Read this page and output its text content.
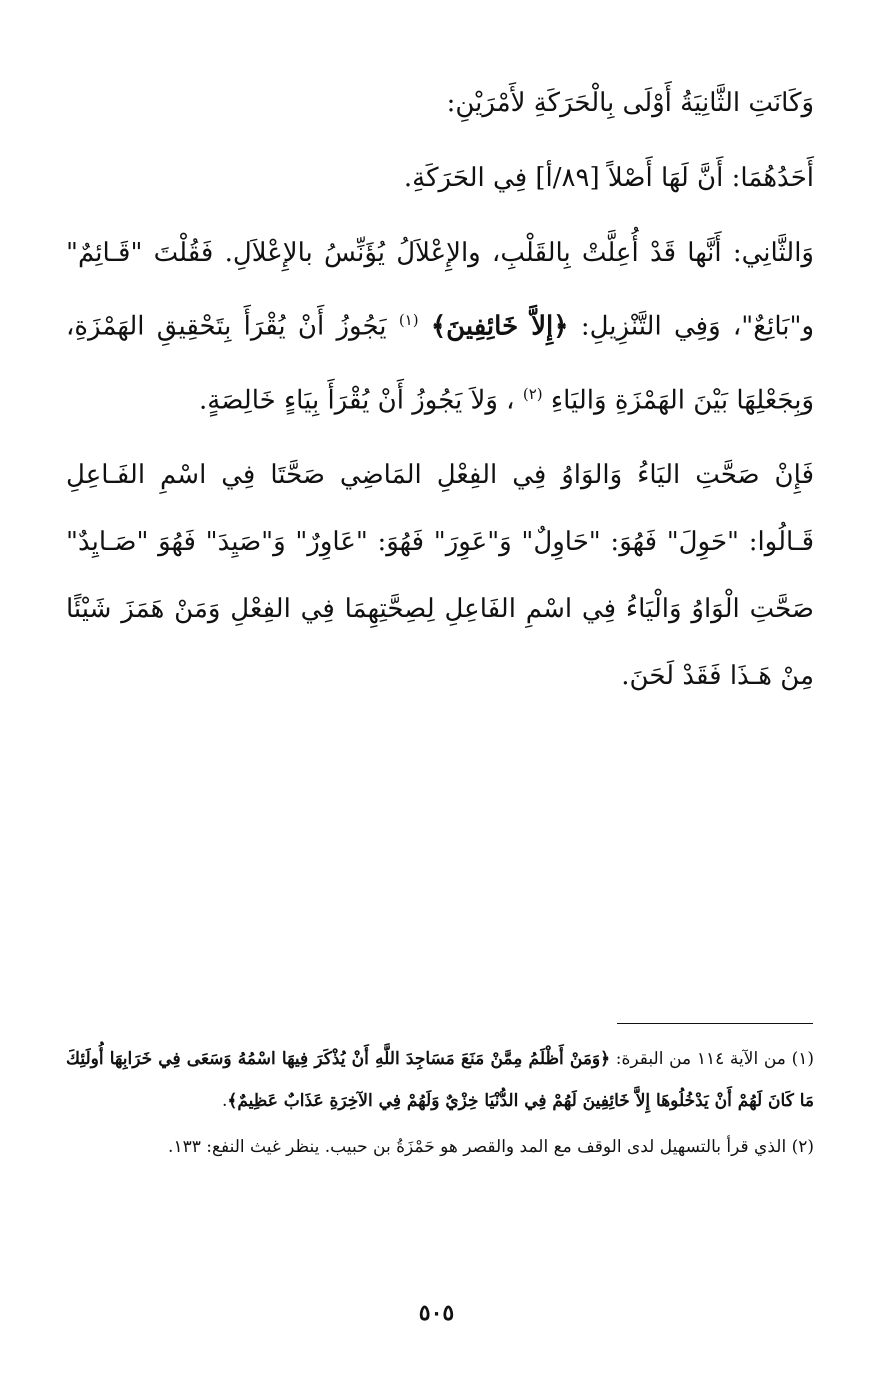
وَكَانَتِ الثَّانِيَةُ أَوْلَى بِالْحَرَكَةِ لأَمْرَيْنِ:

أَحَدُهُمَا: أَنَّ لَهَا أَصْلاً [٨٩/أ] فِي الحَرَكَةِ.

وَالثَّانِي: أَنَّها قَدْ أُعِلَّتْ بِالقَلْبِ، والإِعْلاَلُ يُؤَنِّسُ بالإِعْلاَلِ. فَقُلْتَ "قَـائِمٌ" و"بَائِعٌ"، وَفِي التَّنْزِيلِ: ﴿إِلاَّ خَائِفِينَ﴾ $^{(١)}$ يَجُوزُ أَنْ يُقْرَأَ بِتَحْقِيقِ الهَمْزَةِ، وَبِجَعْلِهَا بَيْنَ الهَمْزَةِ وَاليَاءِ $^{(٢)}$ ، وَلاَ يَجُوزُ أَنْ يُقْرَأَ بِيَاءٍ خَالِصَةٍ.

فَإِنْ صَحَّتِ اليَاءُ وَالوَاوُ فِي الفِعْلِ المَاضِي صَحَّتَا فِي اسْمِ الفَـاعِلِ قَـالُوا: "حَوِلَ" فَهُوَ: "حَاوِلٌ" وَ"عَوِرَ" فَهُوَ: "عَاوِرٌ" وَ"صَيِدَ" فَهُوَ "صَـايِدٌ" صَحَّتِ الْوَاوُ وَالْيَاءُ فِي اسْمِ الفَاعِلِ لِصِحَّتِهِمَا فِي الفِعْلِ وَمَنْ هَمَزَ شَيْئًا مِنْ هَـذَا فَقَدْ لَحَنَ.

(١) من الآية ١١٤ من البقرة: ﴿وَمَنْ أَظْلَمُ مِمَّنْ مَنَعَ مَسَاجِدَ اللَّهِ أَنْ يُذْكَرَ فِيهَا اسْمُهُ وَسَعَى فِي خَرَابِهَا أُولَئِكَ مَا كَانَ لَهُمْ أَنْ يَدْخُلُوهَا إِلاَّ خَائِفِينَ لَهُمْ فِي الدُّنْيَا خِزْيٌ وَلَهُمْ فِي الآخِرَةِ عَذَابٌ عَظِيمٌ﴾.

(٢) الذي قرأ بالتسهيل لدى الوقف مع المد والقصر هو حَمْزَةُ بن حبيب. ينظر غيث النفع: ١٣٣.

٥٠٥
